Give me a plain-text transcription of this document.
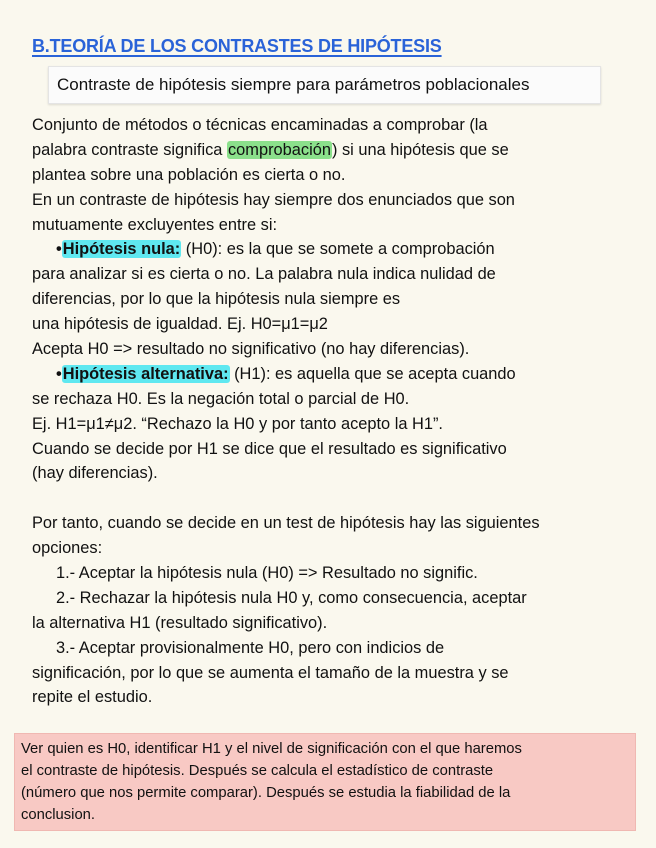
B.TEORÍA DE LOS CONTRASTES DE HIPÓTESIS
Contraste de hipótesis siempre para parámetros poblacionales
Conjunto de métodos o técnicas encaminadas a comprobar (la
palabra contraste significa comprobación) si una hipótesis que se
plantea sobre una población es cierta o no.
En un contraste de hipótesis hay siempre dos enunciados que son
mutuamente excluyentes entre si:
•Hipótesis nula: (H0): es la que se somete a comprobación
para analizar si es cierta o no. La palabra nula indica nulidad de
diferencias, por lo que la hipótesis nula siempre es
una hipótesis de igualdad. Ej. H0=μ1=μ2
Acepta H0 => resultado no significativo (no hay diferencias).
•Hipótesis alternativa: (H1): es aquella que se acepta cuando
se rechaza H0. Es la negación total o parcial de H0.
Ej. H1=μ1≠μ2. “Rechazo la H0 y por tanto acepto la H1”.
Cuando se decide por H1 se dice que el resultado es significativo
(hay diferencias).
Por tanto, cuando se decide en un test de hipótesis hay las siguientes
opciones:
1.- Aceptar la hipótesis nula (H0) => Resultado no signific.
2.- Rechazar la hipótesis nula H0 y, como consecuencia, aceptar
la alternativa H1 (resultado significativo).
3.- Aceptar provisionalmente H0, pero con indicios de
significación, por lo que se aumenta el tamaño de la muestra y se
repite el estudio.
Ver quien es H0, identificar H1 y el nivel de significación con el que haremos
el contraste de hipótesis. Después se calcula el estadístico de contraste
(número que nos permite comparar). Después se estudia la fiabilidad de la
conclusion.
